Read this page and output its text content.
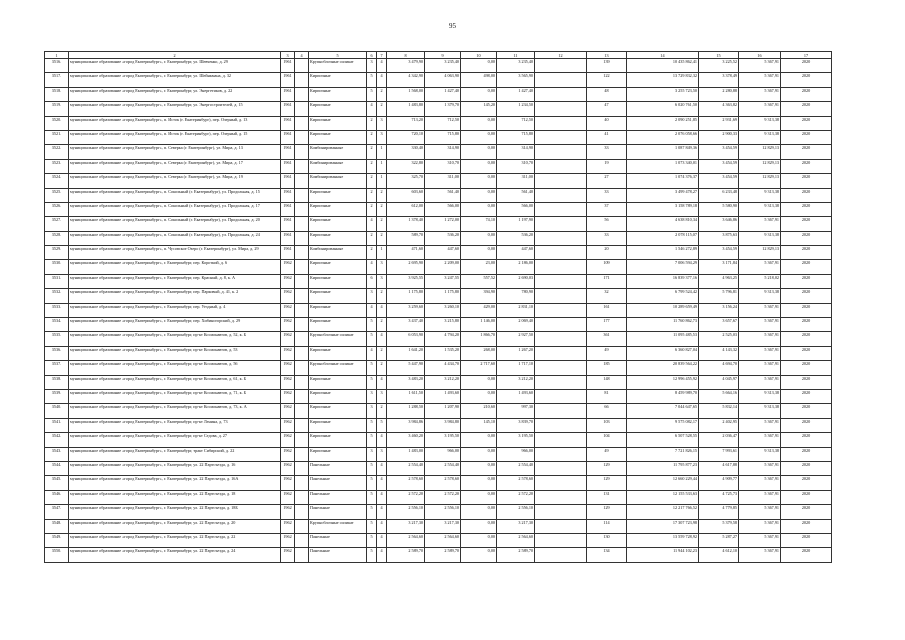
95
1	2	3	4	5	6	7	8	9	10	11	12	13	14	15	16	17
3516.	муниципальное образование «город Екатеринбург», г. Екатеринбург, ул. Шевченко, д. 29	1961		Крупноблочные силикат	3	4	3 479,90	3 235,40	0,00	3 235,40		139	10 435 862,41	3 225,52	5 367,91	2020
3517.	муниципальное образование «город Екатеринбург», г. Екатеринбург, ул. Шейнкмана, д. 32	1961		Кирпичные	5	4	4 342,90	4 063,90	498,00	3 565,90		122	13 729 832,32	3 378,49	5 367,91	2020
3518.	муниципальное образование «город Екатеринбург», г. Екатеринбург, ул. Энергетиков, д. 22	1961		Кирпичные	5	2	1 568,00	1 427,40	0,00	1 427,40		48	3 255 723,50	2 280,88	5 367,91	2020
3519.	муниципальное образование «город Екатеринбург», г. Екатеринбург, ул. Энергостроителей, д. 15	1961		Кирпичные	4	2	1 483,80	1 379,70	145,20	1 234,50		47	6 020 761,50	4 363,82	5 367,91	2020
3520.	муниципальное образование «город Екатеринбург», п. Исток (г. Екатеринбург), пер. Озерный, д. 13	1961		Кирпичные	2	3	713,20	712,50	0,00	712,50		40	2 090 251,85	2 931,69	9 313,38	2020
3521.	муниципальное образование «город Екатеринбург», п. Исток (г. Екатеринбург), пер. Озерный, д. 15	1961		Кирпичные	2	3	720,10	715,80	0,00	715,80		41	2 076 058,66	2 900,33	9 313,38	2020
3522.	муниципальное образование «город Екатеринбург», п. Северка (г. Екатеринбург), ул. Мира, д. 13	1961		Комбинированные	2	1	330,40	314,90	0,00	314,90		33	1 087 849,36	3 454,59	12 829,13	2020
3523.	муниципальное образование «город Екатеринбург», п. Северка (г. Екатеринбург), ул. Мира, д. 17	1961		Комбинированные	2	1	322,80	310,70	0,00	310,70		19	1 073 340,01	3 454,59	12 829,13	2020
3524.	муниципальное образование «город Екатеринбург», п. Северка (г. Екатеринбург), ул. Мира, д. 19	1961		Комбинированные	2	1	325,70	311,00	0,00	311,00		27	1 074 376,37	3 454,59	12 829,13	2020
3525.	муниципальное образование «город Екатеринбург», п. Сокольный (г. Екатеринбург), ул. Продольная, д. 15	1961		Кирпичные	2	2	603,60	561,40	0,00	561,40		33	3 499 478,27	6 233,48	9 313,38	2020
3526.	муниципальное образование «город Екатеринбург», п. Сокольный (г. Екатеринбург), ул. Продольная, д. 17	1961		Кирпичные	2	2	612,00	566,00	0,00	566,00		37	3 158 789,18	5 580,90	9 313,38	2020
3527.	муниципальное образование «город Екатеринбург», п. Сокольный (г. Екатеринбург), ул. Продольная, д. 20	1961		Кирпичные	4	2	1 378,40	1 272,00	74,10	1 197,90		56	4 638 810,34	3 646,86	5 367,91	2020
3528.	муниципальное образование «город Екатеринбург», п. Сокольный (г. Екатеринбург), ул. Продольная, д. 24	1961		Кирпичные	2	2	589,70	536,20	0,00	536,20		33	2 078 115,07	3 875,63	9 313,38	2020
3529.	муниципальное образование «город Екатеринбург», п. Чусовское Озеро (г. Екатеринбург), ул. Мира, д. 29	1961		Комбинированные	2	1	471,60	447,60	0,00	447,60		20	1 546 272,89	3 454,59	12 829,13	2020
3530.	муниципальное образование «город Екатеринбург», г. Екатеринбург, пер. Короткий, д. 6	1962		Кирпичные	4	3	2 695,90	2 209,00	23,00	2 186,00		109	7 006 594,29	3 171,84	5 367,91	2020
3531.	муниципальное образование «город Екатеринбург», г. Екатеринбург, пер. Красный, д. 8, к. А	1962		Кирпичные	6	3	3 925,55	3 247,55	557,52	2 690,03		171	16 839 377,16	4 963,25	5 218,02	2020
3532.	муниципальное образование «город Екатеринбург», г. Екатеринбург, пер. Парковый, д. 41, к. 2	1962		Кирпичные	3	2	1 175,80	1 175,80	394,90	780,90		32	6 799 524,42	5 796,81	9 313,38	2020
3533.	муниципальное образование «город Екатеринбург», г. Екатеринбург, пер. Уездный, д. 4	1962		Кирпичные	4	4	3 259,60	3 260,10	429,00	2 831,10		161	10 289 659,49	3 156,24	5 367,91	2020
3534.	муниципальное образование «город Екатеринбург», г. Екатеринбург, пер. Хибиногорский, д. 29	1962		Кирпичные	5	2	3 437,40	3 215,80	1 146,00	2 069,40		177	11 760 862,73	3 657,67	5 367,91	2020
3535.	муниципальное образование «город Екатеринбург», г. Екатеринбург, пр-кт Космонавтов, д. 52, к. Б	1962		Крупноблочные силикат	5	4	6 053,90	4 794,20	1 866,70	2 927,50		361	11 095 485,53	2 525,03	5 367,91	2020
3536.	муниципальное образование «город Екатеринбург», г. Екатеринбург, пр-кт Космонавтов, д. 53	1962		Кирпичные	4	2	1 641,20	1 535,20	268,00	1 267,20		49	6 360 827,04	4 143,32	5 367,91	2020
3537.	муниципальное образование «город Екатеринбург», г. Екатеринбург, пр-кт Космонавтов, д. 56	1962		Крупноблочные силикат	5	2	5 447,90	4 434,70	2 717,60	1 717,10		185	20 839 564,22	4 694,70	5 367,91	2020
3538.	муниципальное образование «город Екатеринбург», г. Екатеринбург, пр-кт Космонавтов, д. 61, к. Б	1962		Кирпичные	5	4	3 483,20	3 212,20	0,00	3 212,20		148	12 996 455,92	4 045,97	5 367,91	2020
3539.	муниципальное образование «город Екатеринбург», г. Екатеринбург, пр-кт Космонавтов, д. 71, к. Б	1962		Кирпичные	3	3	1 611,50	1 493,60	0,00	1 493,60		81	8 459 989,70	5 664,16	9 313,38	2020
3540.	муниципальное образование «город Екатеринбург», г. Екатеринбург, пр-кт Космонавтов, д. 73, к. А	1962		Кирпичные	3	2	1 288,50	1 207,90	210,60	997,30		66	7 044 647,65	5 832,14	9 313,38	2020
3541.	муниципальное образование «город Екатеринбург», г. Екатеринбург, пр-кт Ленина, д. 73	1962		Кирпичные	5	5	3 984,86	3 984,80	145,10	3 839,70		103	9 575 082,17	2 402,95	5 367,91	2020
3542.	муниципальное образование «город Екатеринбург», г. Екатеринбург, пр-кт Седова, д. 27	1962		Кирпичные	5	4	3 460,20	3 195,50	0,00	3 195,50		104	6 507 528,55	2 036,47	5 367,91	2020
3543.	муниципальное образование «город Екатеринбург», г. Екатеринбург, тракт Сибирский, д. 22	1962		Кирпичные	3	3	1 483,00	966,00	0,00	966,00		49	7 721 826,15	7 993,61	9 313,38	2020
3544.	муниципальное образование «город Екатеринбург», г. Екатеринбург, ул. 22 Партсъезда, д. 16	1962		Панельные	5	4	2 554,40	2 554,40	0,00	2 554,40		129	11 795 877,23	4 617,88	5 367,91	2020
3545.	муниципальное образование «город Екатеринбург», г. Екатеринбург, ул. 22 Партсъезда, д. 16А	1962		Панельные	5	4	2 578,60	2 578,60	0,00	2 578,60		129	12 660 229,44	4 909,77	5 367,91	2020
3546.	муниципальное образование «город Екатеринбург», г. Екатеринбург, ул. 22 Партсъезда, д. 18	1962		Панельные	5	4	2 572,20	2 572,20	0,00	2 572,20		131	12 155 533,63	4 725,73	5 367,91	2020
3547.	муниципальное образование «город Екатеринбург», г. Екатеринбург, ул. 22 Партсъезда, д. 18Б	1962		Панельные	5	4	2 556,10	2 556,10	0,00	2 556,10		129	12 217 766,52	4 779,85	5 367,91	2020
3548.	муниципальное образование «город Екатеринбург», г. Екатеринбург, ул. 22 Партсъезда, д. 20	1962		Крупноблочные силикат	5	4	3 217,30	3 217,30	0,00	3 217,30		114	17 307 723,98	5 379,58	5 367,91	2020
3549.	муниципальное образование «город Екатеринбург», г. Екатеринбург, ул. 22 Партсъезда, д. 22	1962		Панельные	5	4	2 564,60	2 564,60	0,00	2 564,60		130	13 559 728,92	5 287,27	5 367,91	2020
3550.	муниципальное образование «город Екатеринбург», г. Екатеринбург, ул. 22 Партсъезда, д. 24	1962		Панельные	5	4	2 589,70	2 589,70	0,00	2 589,70		134	11 944 102,23	4 612,10	5 367,91	2020
